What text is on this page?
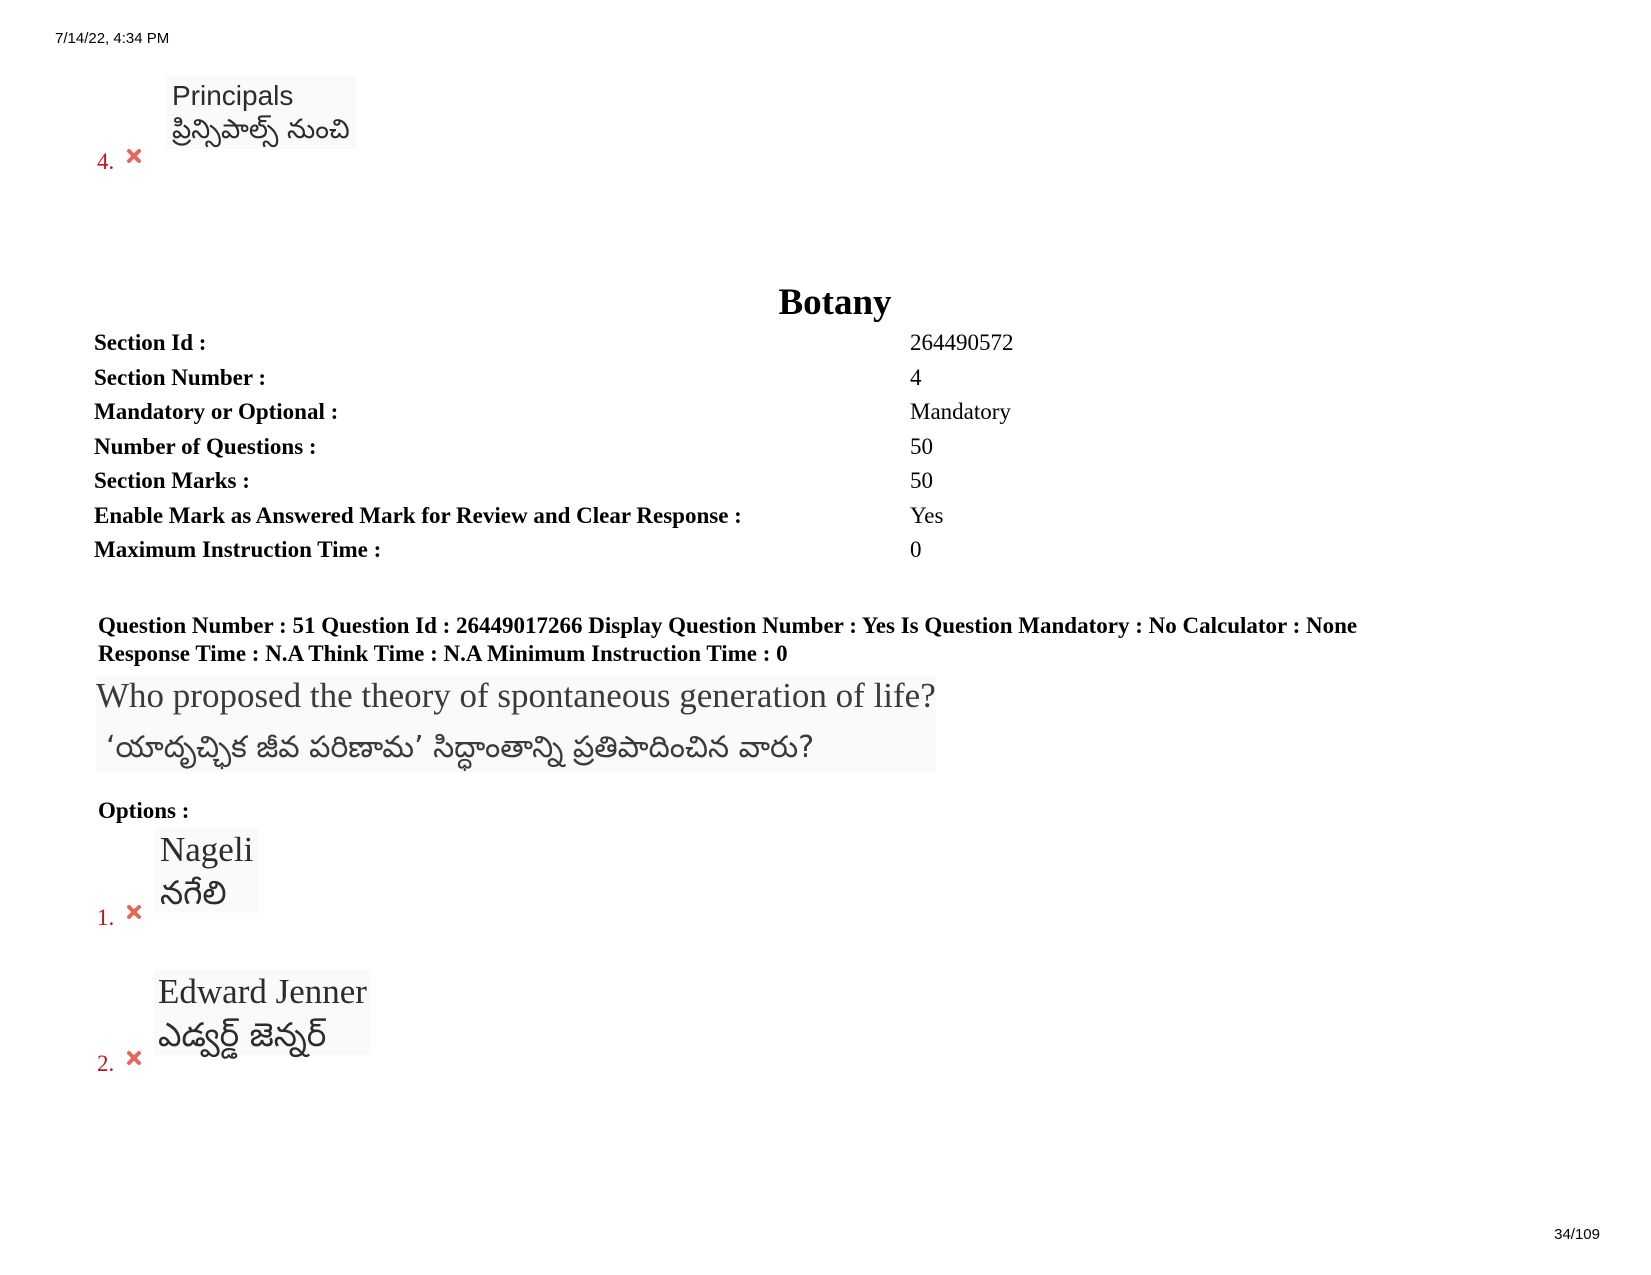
7/14/22, 4:34 PM
Principals
ప్రిన్సిపాల్స్ నుంచి
4.
Botany
Section Id :	264490572
Section Number :	4
Mandatory or Optional :	Mandatory
Number of Questions :	50
Section Marks :	50
Enable Mark as Answered Mark for Review and Clear Response :	Yes
Maximum Instruction Time :	0
Question Number : 51 Question Id : 26449017266 Display Question Number : Yes Is Question Mandatory : No Calculator : None
Response Time : N.A Think Time : N.A Minimum Instruction Time : 0
Who proposed the theory of spontaneous generation of life?
‘యాదృచ్ఛిక జీవ పరిణామ’ సిద్ధాంతాన్ని ప్రతిపాదించిన వారు?
Options :
Nageli
నగేలి
1.
Edward Jenner
ఎడ్వర్డ్ జెన్నర్
2.
34/109
